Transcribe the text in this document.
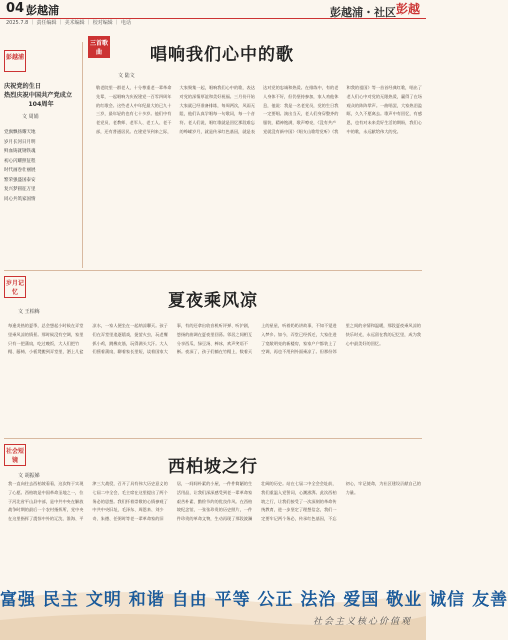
04 彭越浦
2025.7.8 ｜ 责任编辑 ｜ 美术编辑 ｜ 校对编辑 ｜ 电话
彭越浦・社区 彭越
彭越浦
庆祝党的生日
热烈庆祝中国共产党成立
104周年
文 周娟
党旗飘扬耀天地
岁月长河日月明
鲜血铸就钢铁魂
初心闪耀照征程
时代画卷壮丽展
繁荣强盛国泰安
复兴梦圆征万里
同心共筑家国情
三首歌曲	唱响我们心中的歌
文 陆文
敬老院里一群老人，十分尊重老一辈革命先辈，一起唱响为庆祝建党一百零四周年的红歌会。这些老人中年纪最大的已九十三岁，最年轻的也有七十多岁。他们中有老党员、老教师、老军人、老工人、老干部，还有普通居民。在建党节到来之际，大家聚集一起，唱响我们心中的歌，表达对党的深情厚谊和美好祝福。三月份开始大家就已经准备排练，每周两次，风雨无阻，他们认真学唱每一句歌词，每一个音符。老人们说，唱红歌就是回忆那段难忘的峥嵘岁月，就是传承红色基因，就是表达对党的忠诚和热爱。在排练中，有的老人身体不好，但仍坚持参加，家人劝他休息，他说：我是一名老党员，党的生日我一定要唱。演出当天，老人们身穿整齐的服装，精神饱满，歌声嘹亮，《没有共产党就没有新中国》《唱支山歌给党听》《我和我的祖国》等一首首经典红歌，唱出了老人们心中对党的无限热爱，赢得了在场观众的阵阵掌声。一曲唱罢，大家热泪盈眶，久久不愿离去。歌声中有回忆，有感恩，也有对未来美好生活的期盼，我们心中的歌，永远献给伟大的党。
岁月记忆	夏夜乘风凉
文 王柏梅
每逢炎热的夏季，总会想起小时候在弄堂里乘风凉的情景。那时候没有空调，家里只有一把蒲扇，吃过晚饭，大人们把竹榻、藤椅、小板凳搬到弄堂里，洒上几盆凉水，一家人便坐在一起纳凉聊天。孩子们在弄堂里追逐嬉戏，捉萤火虫，玩老鹰抓小鸡，跳橡皮筋，玩得满头大汗。大人们摇着蒲扇，聊着家长里短，谈着国家大事，有的还拿出收音机听评弹、听沪剧，悠扬的曲调在夏夜里回荡。邻居之间相互分享西瓜、绿豆汤、棒冰，欢声笑语不断。夜深了，孩子们躺在竹榻上，数着天上的星星，听着奶奶讲故事，不知不觉进入梦乡。如今，弄堂已经拆迁，大家住进了宽敞明亮的新楼房，家家户户都装上了空调，再也不用到外面乘凉了。但那份邻里之间的亲情和温暖，那段夏夜乘风凉的快乐时光，永远留在我的记忆里，成为我心中最美好的回忆。
社会短镜	西柏坡之行
文 胡振娣
我一直向往去西柏坡看看，这次终于实现了心愿。西柏坡是中国革命圣地之一，位于河北省平山县中部，是中共中央在解放战争时期的最后一个农村指挥所，党中央在这里指挥了震惊中外的辽沈、淮海、平津三大战役，召开了具有伟大历史意义的七届二中全会，毛主席在这里提出了两个务必的思想。我们怀着崇敬的心情参观了中共中央旧址，毛泽东、周恩来、刘少奇、朱德、任弼时等老一辈革命家的旧居，一间间朴素的小屋，一件件简陋的生活用品，让我们深深感受到老一辈革命家艰苦朴素、勤俭节约的优良作风。在西柏坡纪念馆，一张张珍贵的历史照片，一件件珍贵的革命文物，生动再现了那段波澜壮阔的历史。站在七届二中全会会址前，我们重温入党誓词，心潮澎湃。此次西柏坡之行，让我们接受了一次深刻的革命传统教育，进一步坚定了理想信念，我们一定要牢记两个务必，传承红色基因，不忘初心，牢记使命，为社区建设贡献自己的力量。
富强 民主 文明 和谐 自由 平等 公正 法治 爱国 敬业 诚信 友善
社会主义核心价值观
